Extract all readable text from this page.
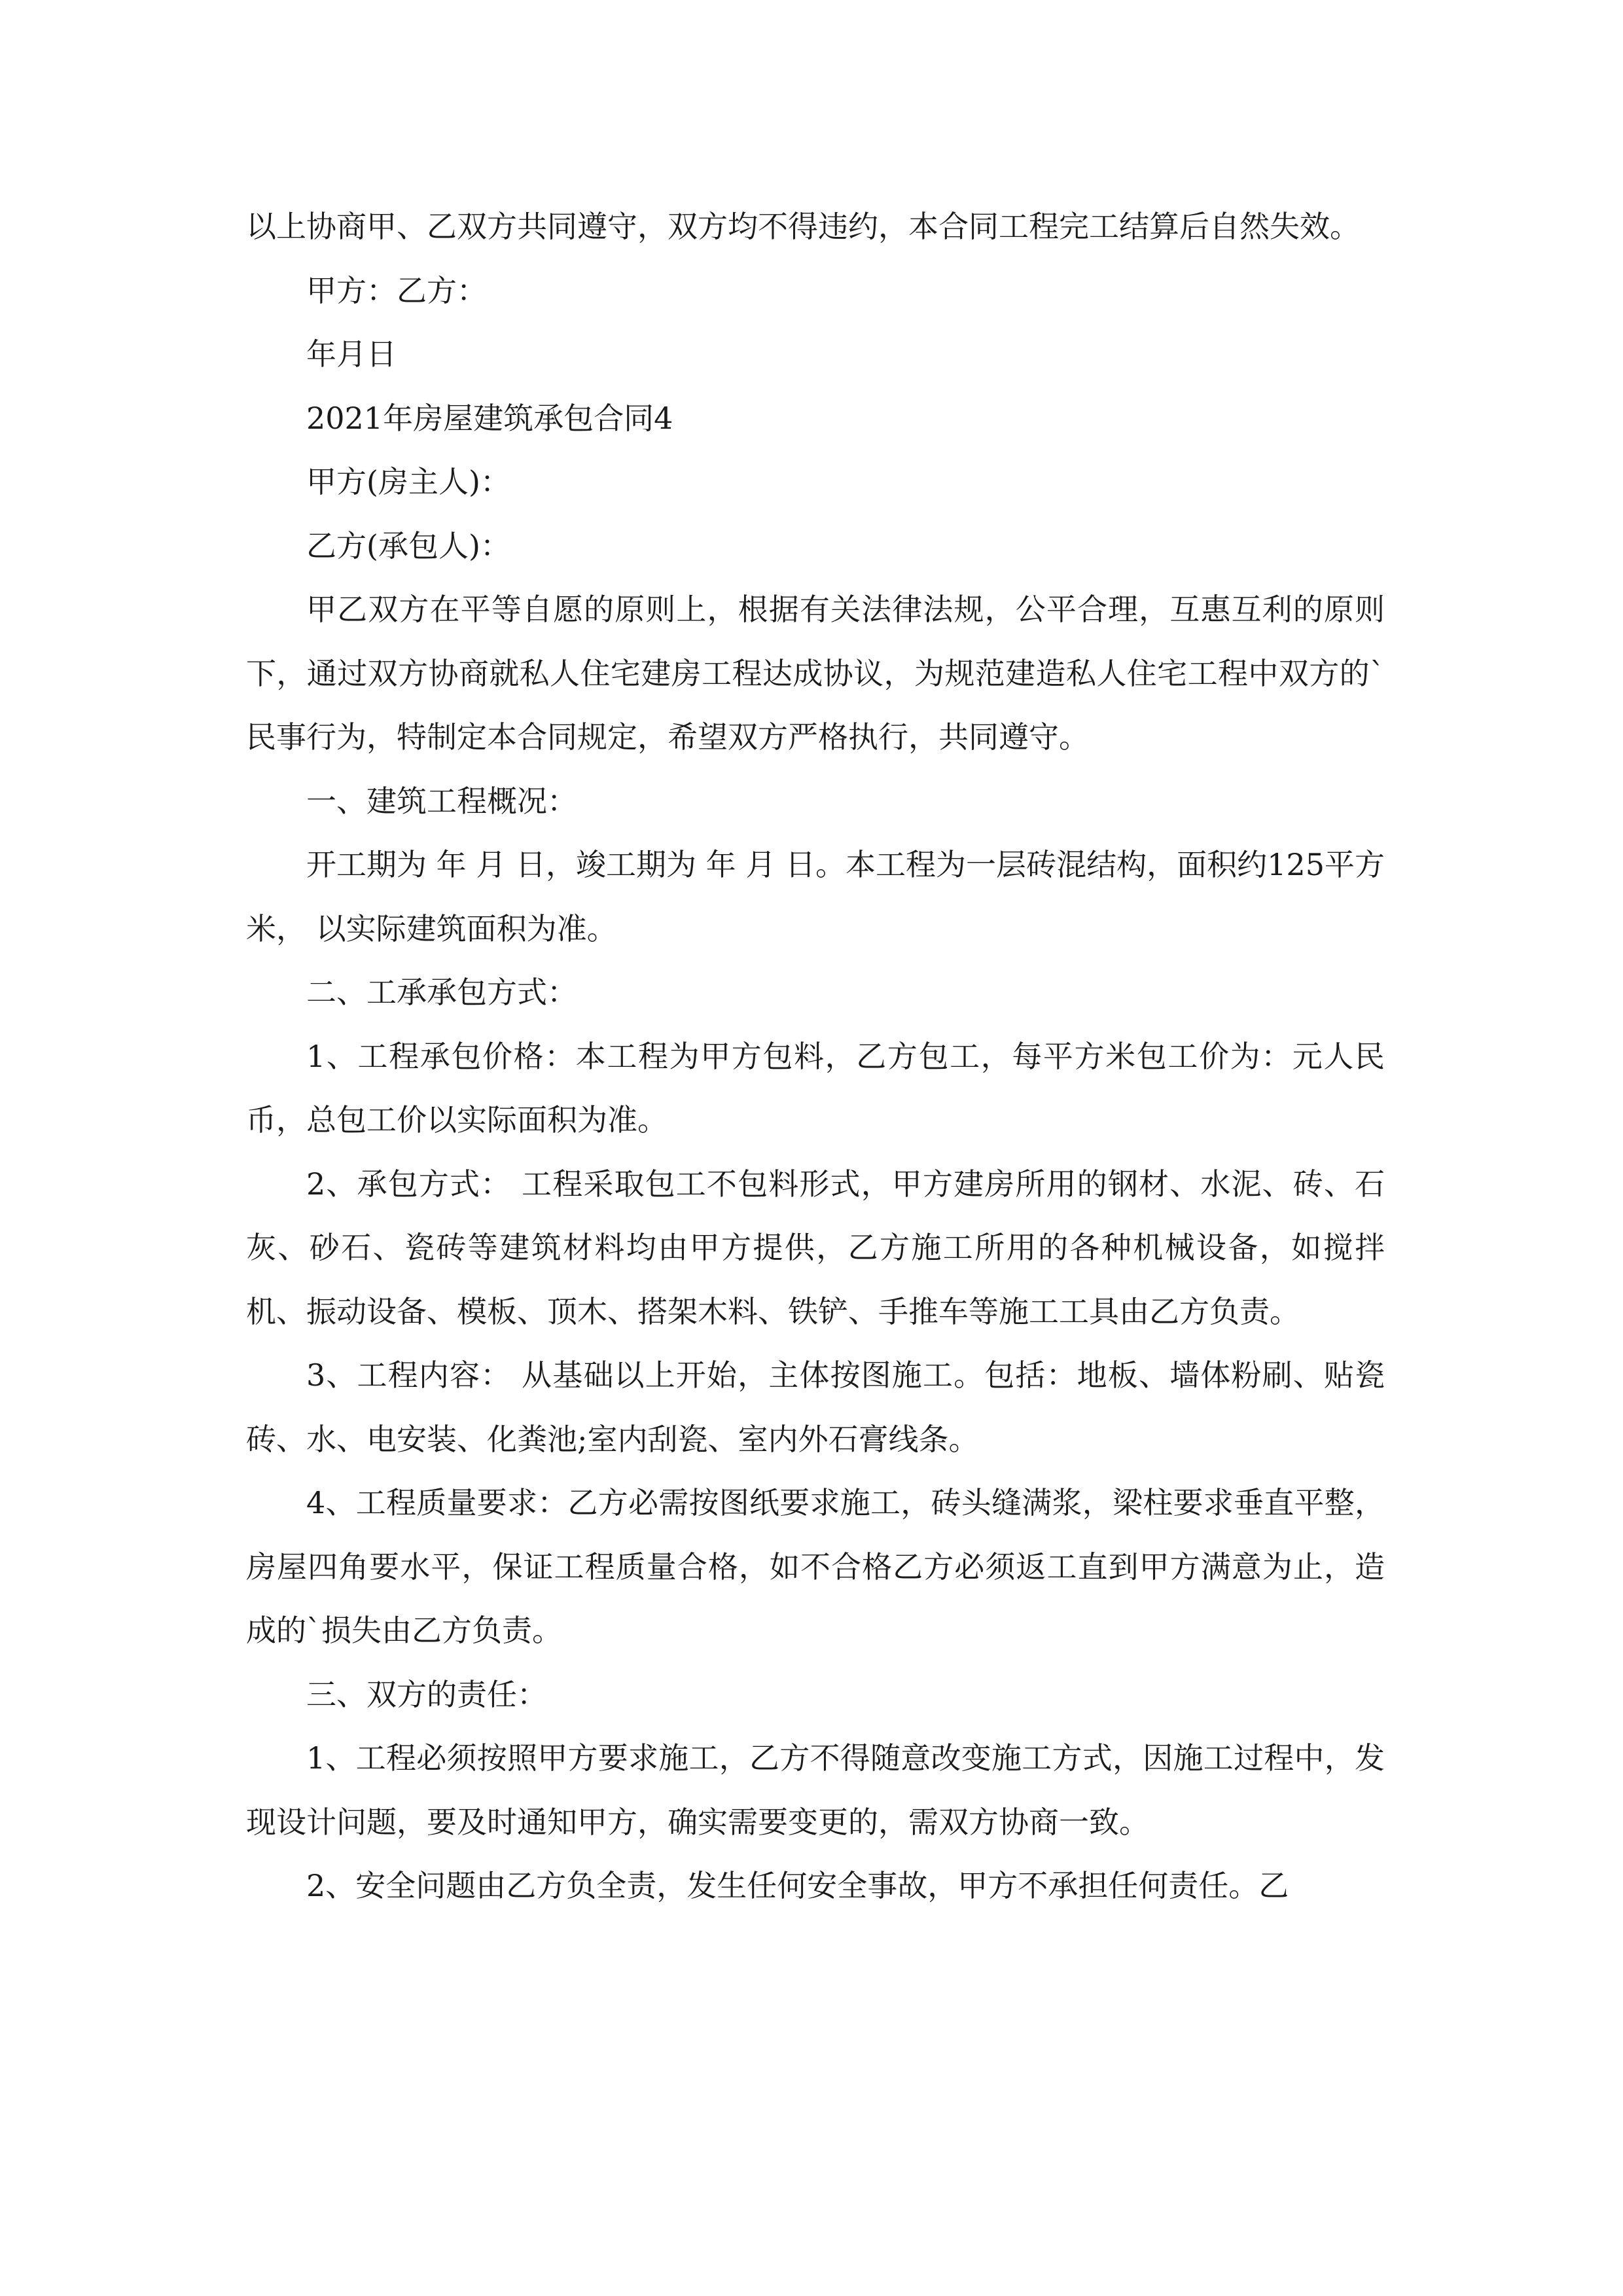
以上协商甲、乙双方共同遵守，双方均不得违约，本合同工程完工结算后自然失效。

甲方：乙方：

年月日

2021年房屋建筑承包合同4

甲方(房主人)：

乙方(承包人)：

甲乙双方在平等自愿的原则上，根据有关法律法规，公平合理，互惠互利的原则下，通过双方协商就私人住宅建房工程达成协议，为规范建造私人住宅工程中双方的`民事行为，特制定本合同规定，希望双方严格执行，共同遵守。

一、建筑工程概况：

开工期为 年 月 日，竣工期为 年 月 日。本工程为一层砖混结构，面积约125平方米， 以实际建筑面积为准。

二、工承承包方式：

1、工程承包价格：本工程为甲方包料，乙方包工，每平方米包工价为：元人民币，总包工价以实际面积为准。

2、承包方式： 工程采取包工不包料形式，甲方建房所用的钢材、水泥、砖、石灰、砂石、瓷砖等建筑材料均由甲方提供，乙方施工所用的各种机械设备，如搅拌机、振动设备、模板、顶木、搭架木料、铁铲、手推车等施工工具由乙方负责。

3、工程内容： 从基础以上开始，主体按图施工。包括：地板、墙体粉刷、贴瓷砖、水、电安装、化粪池;室内刮瓷、室内外石膏线条。

4、工程质量要求：乙方必需按图纸要求施工，砖头缝满浆，梁柱要求垂直平整，房屋四角要水平，保证工程质量合格，如不合格乙方必须返工直到甲方满意为止，造成的`损失由乙方负责。

三、双方的责任：

1、工程必须按照甲方要求施工，乙方不得随意改变施工方式，因施工过程中，发现设计问题，要及时通知甲方，确实需要变更的，需双方协商一致。

2、安全问题由乙方负全责，发生任何安全事故，甲方不承担任何责任。乙
